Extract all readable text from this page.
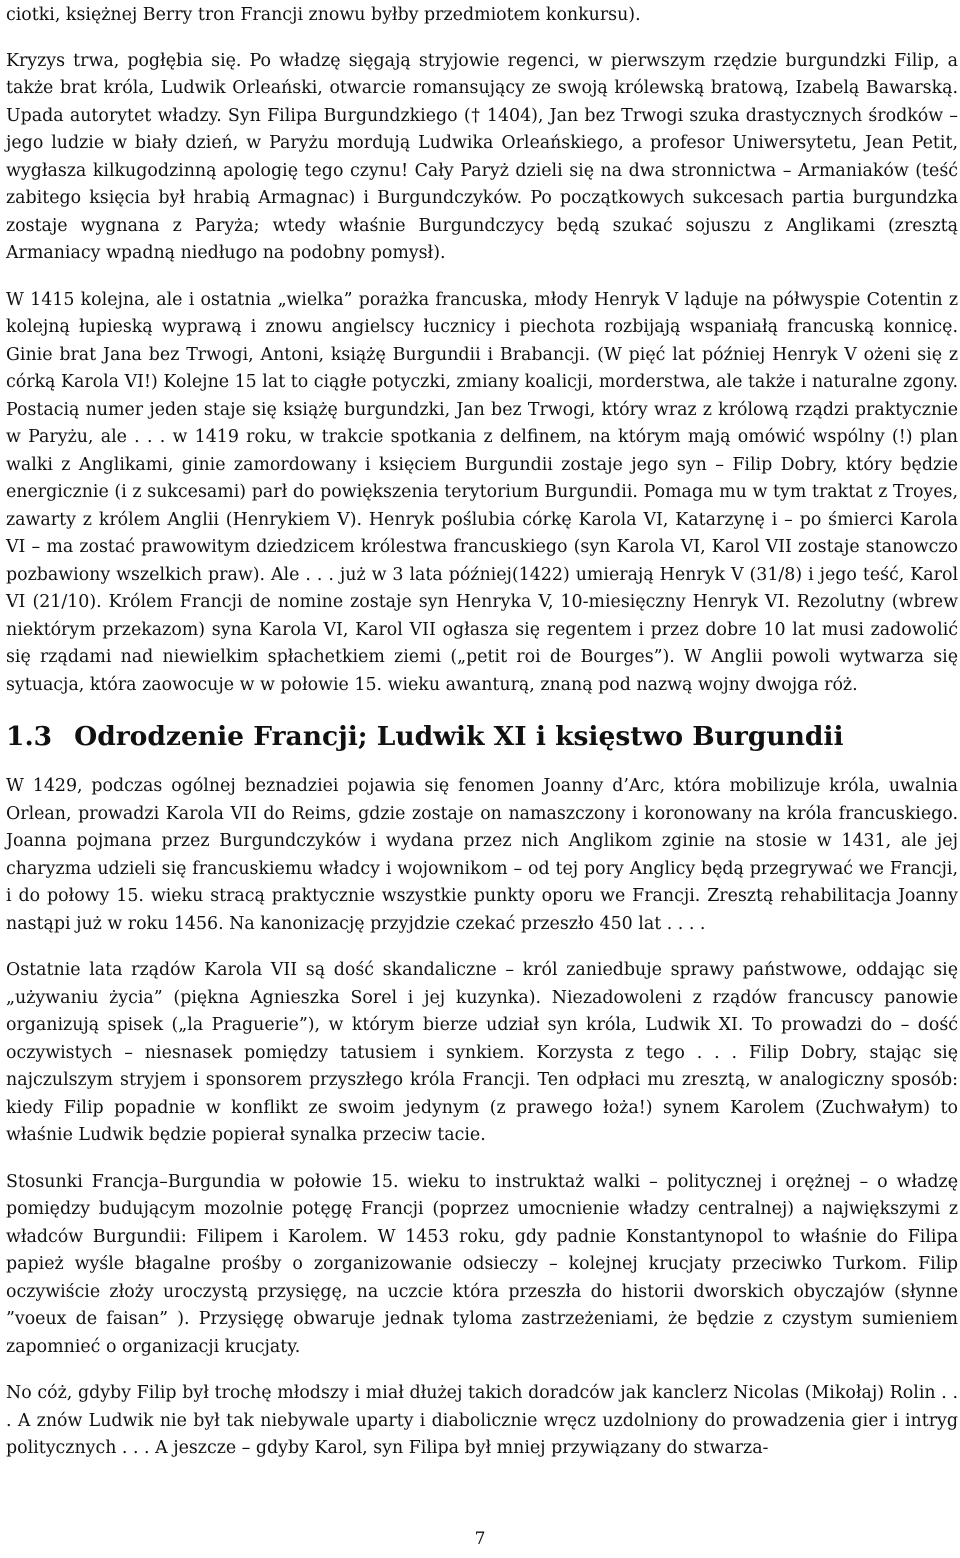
ciotki, księżnej Berry tron Francji znowu byłby przedmiotem konkursu).

Kryzys trwa, pogłębia się. Po władzę sięgają stryjowie regenci, w pierwszym rzędzie burgundzki Filip, a także brat króla, Ludwik Orleański, otwarcie romansujący ze swoją królewską bratową, Izabelą Bawarską. Upada autorytet władzy. Syn Filipa Burgundzkiego († 1404), Jan bez Trwogi szuka drastycznych środków – jego ludzie w biały dzień, w Paryżu mordują Ludwika Orleańskiego, a profesor Uniwersytetu, Jean Petit, wygłasza kilkugodzinną apologię tego czynu! Cały Paryż dzieli się na dwa stronnictwa – Armaniaków (teść zabitego księcia był hrabią Armagnac) i Burgundczyków. Po początkowych sukcesach partia burgundzka zostaje wygnana z Paryża; wtedy właśnie Burgundczycy będą szukać sojuszu z Anglikami (zresztą Armaniacy wpadną niedługo na podobny pomysł).

W 1415 kolejna, ale i ostatnia „wielka” porażka francuska, młody Henryk V ląduje na półwyspie Cotentin z kolejną łupieską wyprawą i znowu angielscy łucznicy i piechota rozbijają wspaniałą francuską konnicę. Ginie brat Jana bez Trwogi, Antoni, książę Burgundii i Brabancji. (W pięć lat później Henryk V ożeni się z córką Karola VI!) Kolejne 15 lat to ciągłe potyczki, zmiany koalicji, morderstwa, ale także i naturalne zgony. Postacią numer jeden staje się książę burgundzki, Jan bez Trwogi, który wraz z królową rządzi praktycznie w Paryżu, ale . . . w 1419 roku, w trakcie spotkania z delfinem, na którym mają omówić wspólny (!) plan walki z Anglikami, ginie zamordowany i księciem Burgundii zostaje jego syn – Filip Dobry, który będzie energicznie (i z sukcesami) parł do powiększenia terytorium Burgundii. Pomaga mu w tym traktat z Troyes, zawarty z królem Anglii (Henrykiem V). Henryk poślubia córkę Karola VI, Katarzynę i – po śmierci Karola VI – ma zostać prawowitym dziedzicem królestwa francuskiego (syn Karola VI, Karol VII zostaje stanowczo pozbawiony wszelkich praw). Ale . . . już w 3 lata później(1422) umierają Henryk V (31/8) i jego teść, Karol VI (21/10). Królem Francji de nomine zostaje syn Henryka V, 10-miesięczny Henryk VI. Rezolutny (wbrew niektórym przekazom) syna Karola VI, Karol VII ogłasza się regentem i przez dobre 10 lat musi zadowolić się rządami nad niewielkim spłachetkiem ziemi („petit roi de Bourges”). W Anglii powoli wytwarza się sytuacja, która zaowocuje w w połowie 15. wieku awanturą, znaną pod nazwą wojny dwojga róż.

1.3 Odrodzenie Francji; Ludwik XI i księstwo Burgundii

W 1429, podczas ogólnej beznadziei pojawia się fenomen Joanny d’Arc, która mobilizuje króla, uwalnia Orlean, prowadzi Karola VII do Reims, gdzie zostaje on namaszczony i koronowany na króla francuskiego. Joanna pojmana przez Burgundczyków i wydana przez nich Anglikom zginie na stosie w 1431, ale jej charyzma udzieli się francuskiemu władcy i wojownikom – od tej pory Anglicy będą przegrywać we Francji, i do połowy 15. wieku stracą praktycznie wszystkie punkty oporu we Francji. Zresztą rehabilitacja Joanny nastąpi już w roku 1456. Na kanonizację przyjdzie czekać przeszło 450 lat . . . .

Ostatnie lata rządów Karola VII są dość skandaliczne – król zaniedbuje sprawy państwowe, oddając się „używaniu życia” (piękna Agnieszka Sorel i jej kuzynka). Niezadowoleni z rządów francuscy panowie organizują spisek („la Praguerie”), w którym bierze udział syn króla, Ludwik XI. To prowadzi do – dość oczywistych – niesnasek pomiędzy tatusiem i synkiem. Korzysta z tego . . . Filip Dobry, stając się najczulszym stryjem i sponsorem przyszłego króla Francji. Ten odpłaci mu zresztą, w analogiczny sposób: kiedy Filip popadnie w konflikt ze swoim jedynym (z prawego łoża!) synem Karolem (Zuchwałym) to właśnie Ludwik będzie popierał synalka przeciw tacie.

Stosunki Francja–Burgundia w połowie 15. wieku to instruktaż walki – politycznej i orężnej – o władzę pomiędzy budującym mozolnie potęgę Francji (poprzez umocnienie władzy centralnej) a największymi z władców Burgundii: Filipem i Karolem. W 1453 roku, gdy padnie Konstantynopol to właśnie do Filipa papież wyśle błagalne prośby o zorganizowanie odsieczy – kolejnej krucjaty przeciwko Turkom. Filip oczywiście złoży uroczystą przysięgę, na uczcie która przeszła do historii dworskich obyczajów (słynne ”voeux de faisan” ). Przysięgę obwaruje jednak tyloma zastrzeżeniami, że będzie z czystym sumieniem zapomnieć o organizacji krucjaty.

No cóż, gdyby Filip był trochę młodszy i miał dłużej takich doradców jak kanclerz Nicolas (Mikołaj) Rolin . . . A znów Ludwik nie był tak niebywale uparty i diabolicznie wręcz uzdolniony do prowadzenia gier i intryg politycznych . . . A jeszcze – gdyby Karol, syn Filipa był mniej przywiązany do stwarza-

7
